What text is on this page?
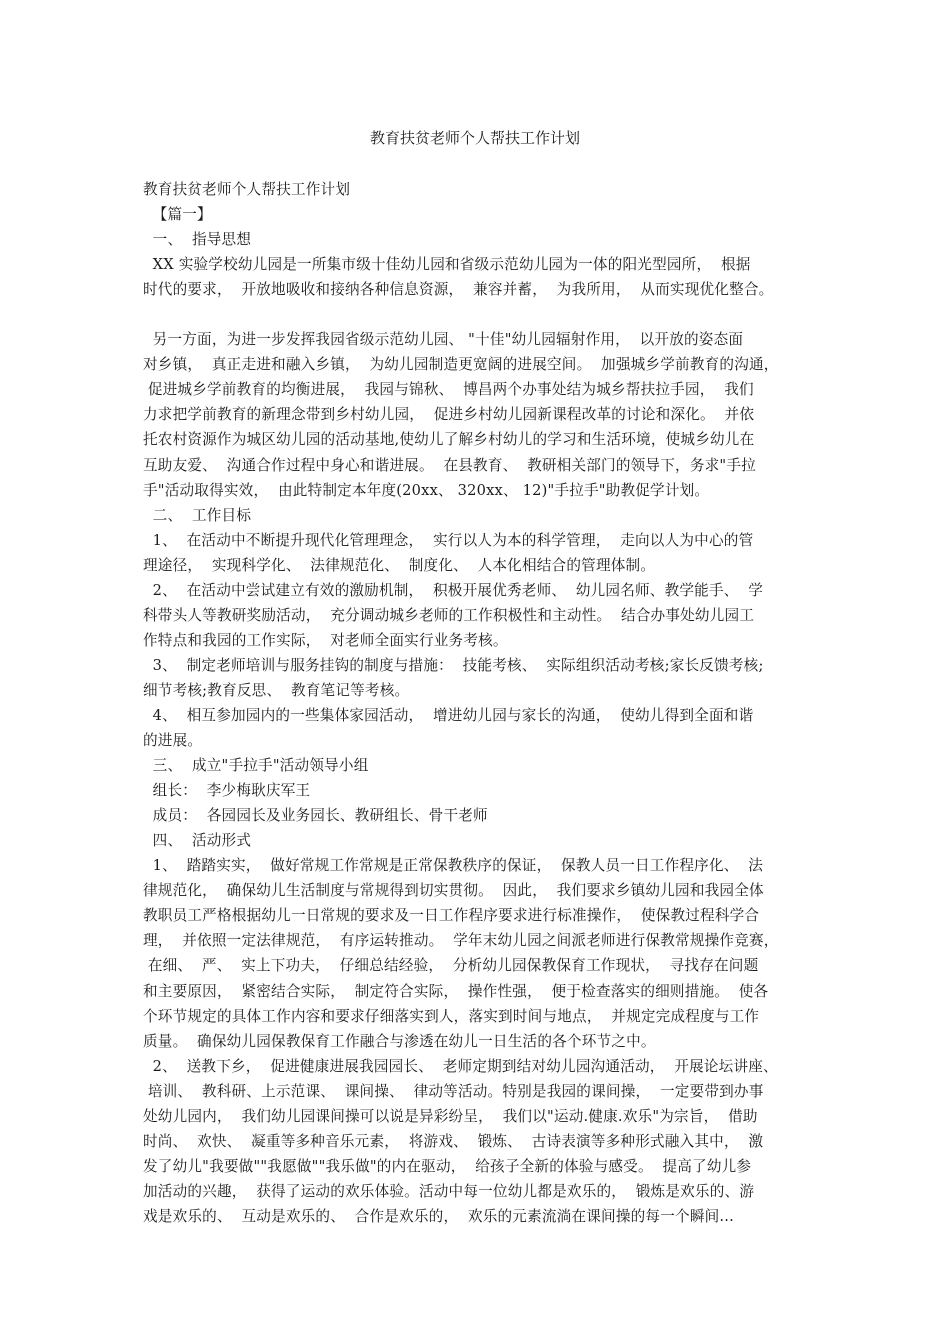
教育扶贫老师个人帮扶工作计划
教育扶贫老师个人帮扶工作计划
【篇一】
一、  指导思想
XX 实验学校幼儿园是一所集市级十佳幼儿园和省级示范幼儿园为一体的阳光型园所，  根据
时代的要求，  开放地吸收和接纳各种信息资源，  兼容并蓄，  为我所用，  从而实现优化整合。
另一方面，为进一步发挥我园省级示范幼儿园、 "十佳"幼儿园辐射作用，  以开放的姿态面
对乡镇，  真正走进和融入乡镇，  为幼儿园制造更宽阔的进展空间。  加强城乡学前教育的沟通，
促进城乡学前教育的均衡进展，  我园与锦秋、  博昌两个办事处结为城乡帮扶拉手园，  我们
力求把学前教育的新理念带到乡村幼儿园，  促进乡村幼儿园新课程改革的讨论和深化。  并依
托农村资源作为城区幼儿园的活动基地,使幼儿了解乡村幼儿的学习和生活环境，使城乡幼儿在
互助友爱、  沟通合作过程中身心和谐进展。  在县教育、  教研相关部门的领导下，务求"手拉
手"活动取得实效，  由此特制定本年度(20xx、 320xx、 12)"手拉手"助教促学计划。
二、  工作目标
1、  在活动中不断提升现代化管理理念，  实行以人为本的科学管理，  走向以人为中心的管
理途径，  实现科学化、  法律规范化、  制度化、  人本化相结合的管理体制。
2、  在活动中尝试建立有效的激励机制，  积极开展优秀老师、  幼儿园名师、教学能手、  学
科带头人等教研奖励活动，  充分调动城乡老师的工作积极性和主动性。  结合办事处幼儿园工
作特点和我园的工作实际，  对老师全面实行业务考核。
3、  制定老师培训与服务挂钩的制度与措施：  技能考核、  实际组织活动考核;家长反馈考核;
细节考核;教育反思、  教育笔记等考核。
4、  相互参加园内的一些集体家园活动，  增进幼儿园与家长的沟通，  使幼儿得到全面和谐
的进展。
三、  成立"手拉手"活动领导小组
组长：  李少梅耿庆军王
成员：  各园园长及业务园长、教研组长、骨干老师
四、  活动形式
1、  踏踏实实，  做好常规工作常规是正常保教秩序的保证，  保教人员一日工作程序化、  法
律规范化，  确保幼儿生活制度与常规得到切实贯彻。  因此，  我们要求乡镇幼儿园和我园全体
教职员工严格根据幼儿一日常规的要求及一日工作程序要求进行标准操作，  使保教过程科学合
理，  并依照一定法律规范，  有序运转推动。  学年末幼儿园之间派老师进行保教常规操作竞赛，
在细、  严、  实上下功夫，  仔细总结经验，  分析幼儿园保教保育工作现状，  寻找存在问题
和主要原因，  紧密结合实际，  制定符合实际，  操作性强，  便于检查落实的细则措施。  使各
个环节规定的具体工作内容和要求仔细落实到人，落实到时间与地点，  并规定完成程度与工作
质量。  确保幼儿园保教保育工作融合与渗透在幼儿一日生活的各个环节之中。
2、  送教下乡，  促进健康进展我园园长、  老师定期到结对幼儿园沟通活动，  开展论坛讲座、
培训、  教科研、上示范课、  课间操、  律动等活动。特别是我园的课间操，  一定要带到办事
处幼儿园内，  我们幼儿园课间操可以说是异彩纷呈，  我们以"运动.健康.欢乐"为宗旨，  借助
时尚、  欢快、  凝重等多种音乐元素，  将游戏、  锻炼、  古诗表演等多种形式融入其中，  激
发了幼儿"我要做""我愿做""我乐做"的内在驱动，  给孩子全新的体验与感受。  提高了幼儿参
加活动的兴趣，  获得了运动的欢乐体验。活动中每一位幼儿都是欢乐的，  锻炼是欢乐的、游
戏是欢乐的、  互动是欢乐的、  合作是欢乐的，  欢乐的元素流淌在课间操的每一个瞬间...
